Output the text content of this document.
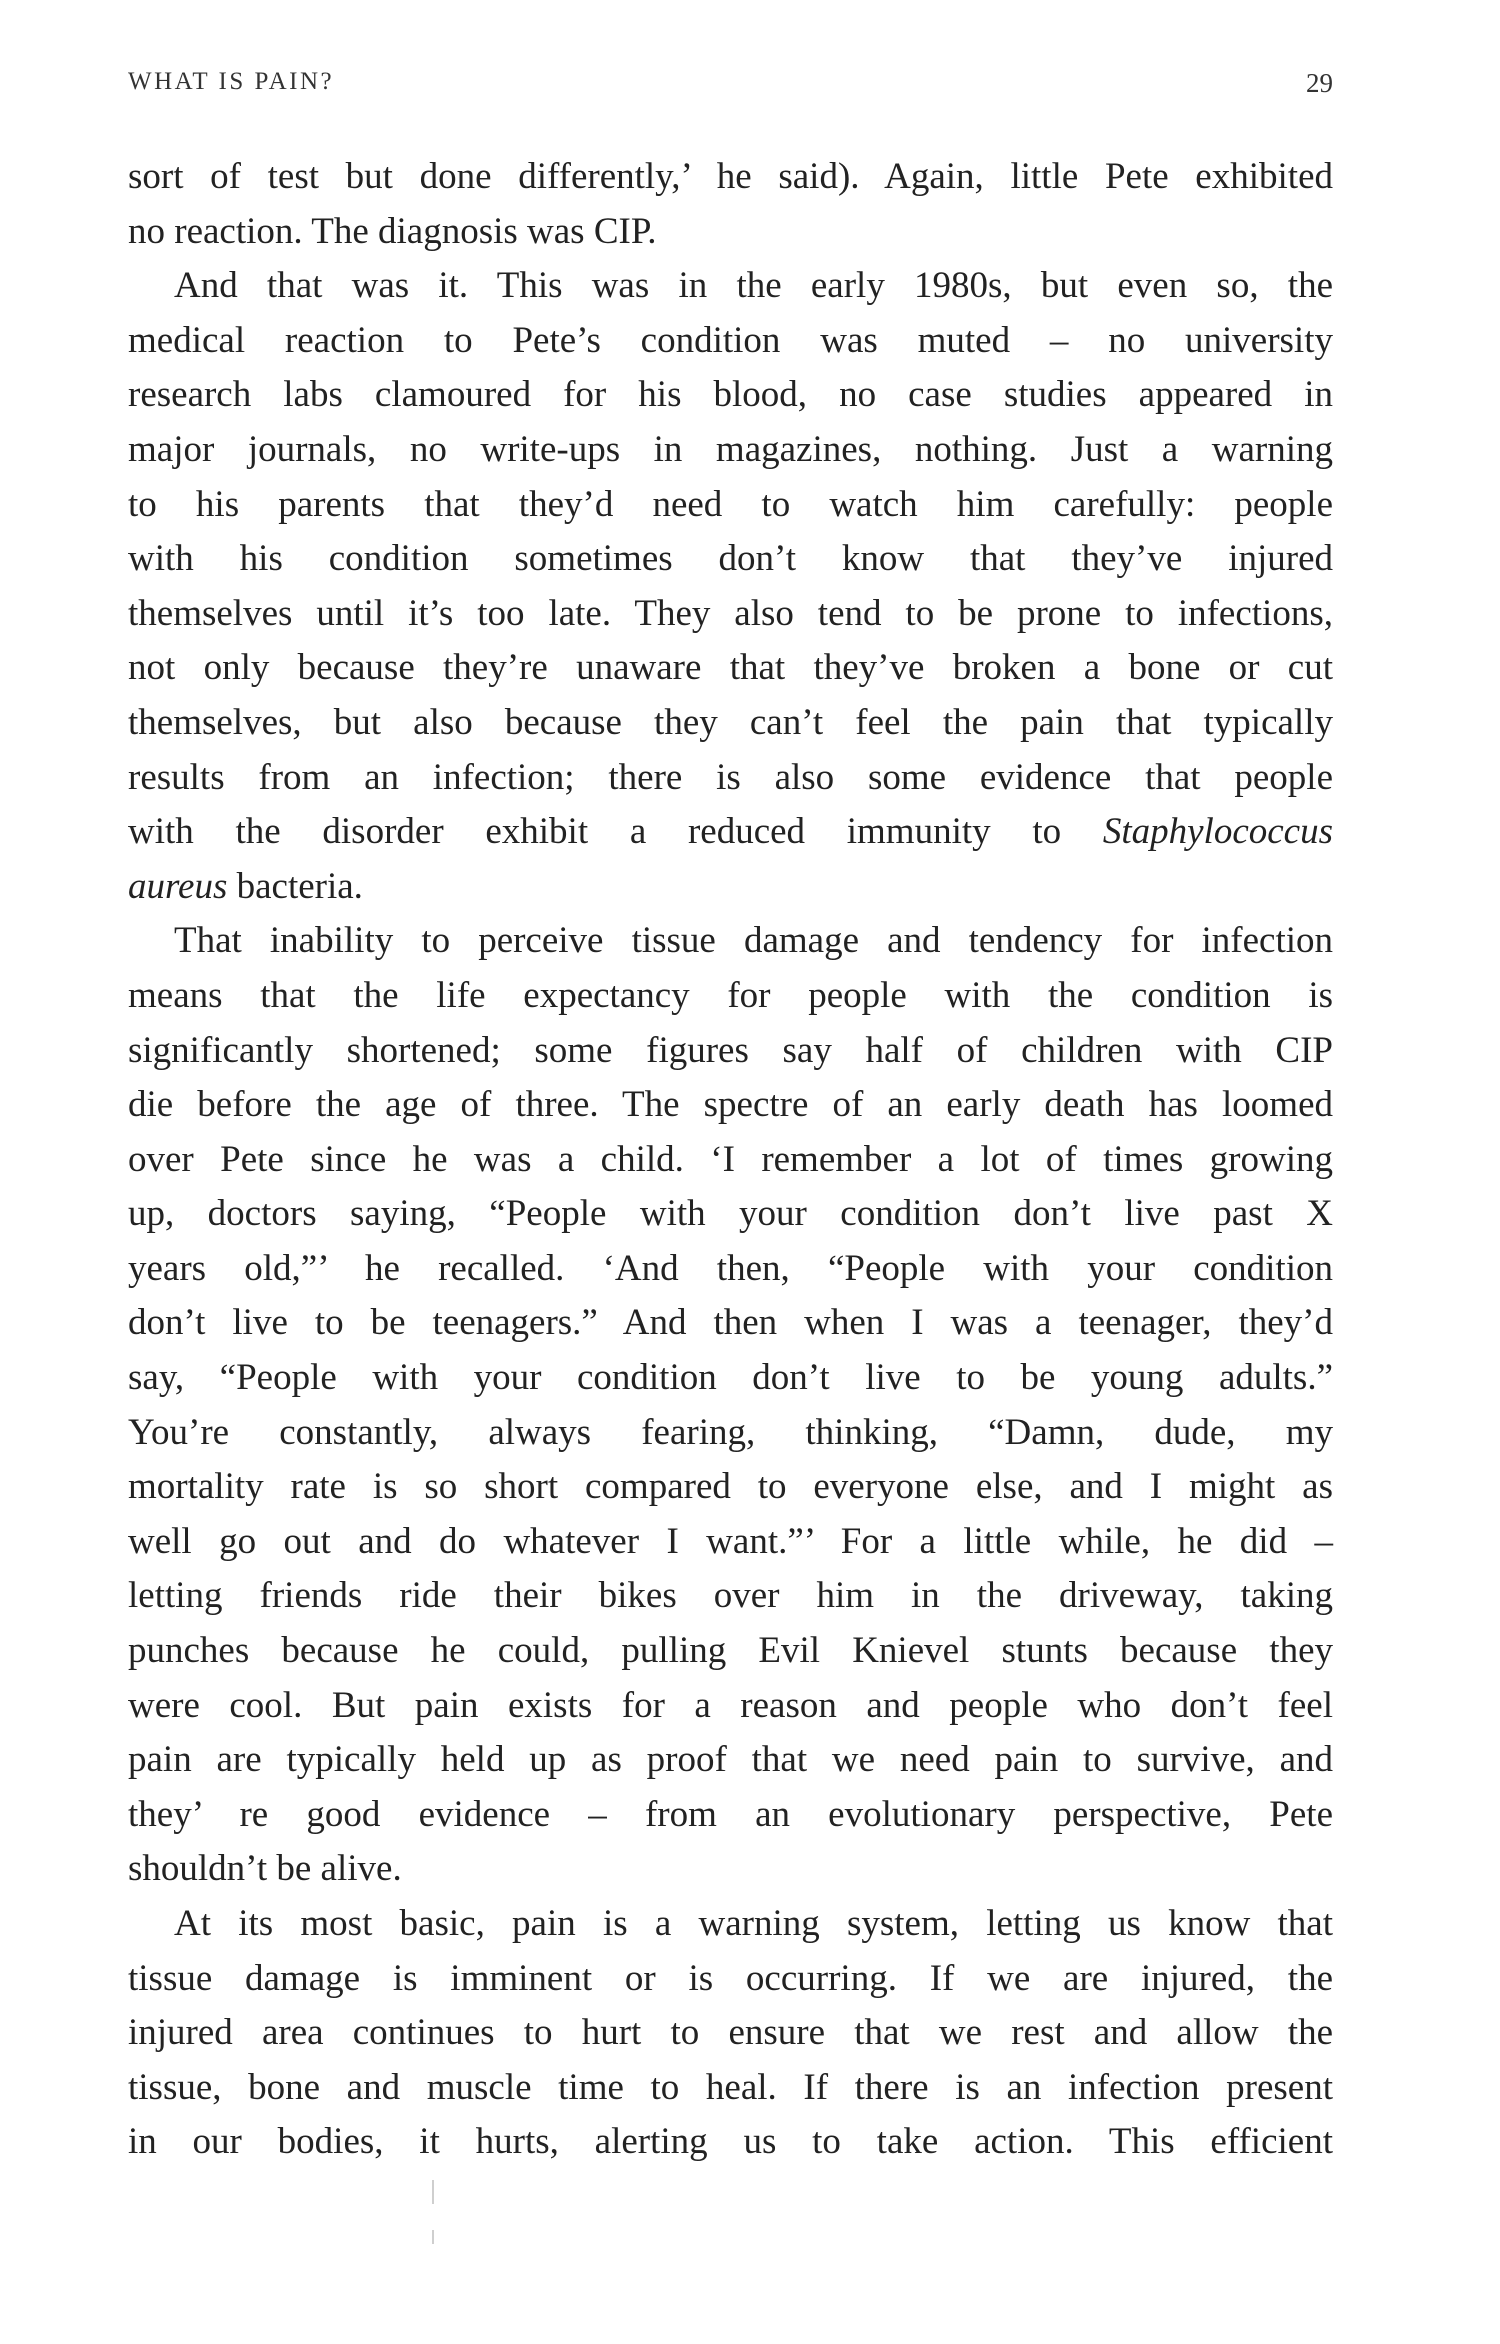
WHAT IS PAIN?	29
sort of test but done differently,’ he said). Again, little Pete exhibited
no reaction. The diagnosis was CIP.
And that was it. This was in the early 1980s, but even so, the
medical reaction to Pete’s condition was muted – no university
research labs clamoured for his blood, no case studies appeared in
major journals, no write-ups in magazines, nothing. Just a warning
to his parents that they’d need to watch him carefully: people
with his condition sometimes don’t know that they’ve injured
themselves until it’s too late. They also tend to be prone to infections,
not only because they’re unaware that they’ve broken a bone or cut
themselves, but also because they can’t feel the pain that typically
results from an infection; there is also some evidence that people
with the disorder exhibit a reduced immunity to Staphylococcus
aureus bacteria.
That inability to perceive tissue damage and tendency for infection
means that the life expectancy for people with the condition is
significantly shortened; some figures say half of children with CIP
die before the age of three. The spectre of an early death has loomed
over Pete since he was a child. ‘I remember a lot of times growing
up, doctors saying, “People with your condition don’t live past X
years old,”’ he recalled. ‘And then, “People with your condition
don’t live to be teenagers.” And then when I was a teenager, they’d
say, “People with your condition don’t live to be young adults.”
You’re constantly, always fearing, thinking, “Damn, dude, my
mortality rate is so short compared to everyone else, and I might as
well go out and do whatever I want.”’ For a little while, he did –
letting friends ride their bikes over him in the driveway, taking
punches because he could, pulling Evil Knievel stunts because they
were cool. But pain exists for a reason and people who don’t feel
pain are typically held up as proof that we need pain to survive, and
they’ re good evidence – from an evolutionary perspective, Pete
shouldn’t be alive.
At its most basic, pain is a warning system, letting us know that
tissue damage is imminent or is occurring. If we are injured, the
injured area continues to hurt to ensure that we rest and allow the
tissue, bone and muscle time to heal. If there is an infection present
in our bodies, it hurts, alerting us to take action. This efficient
